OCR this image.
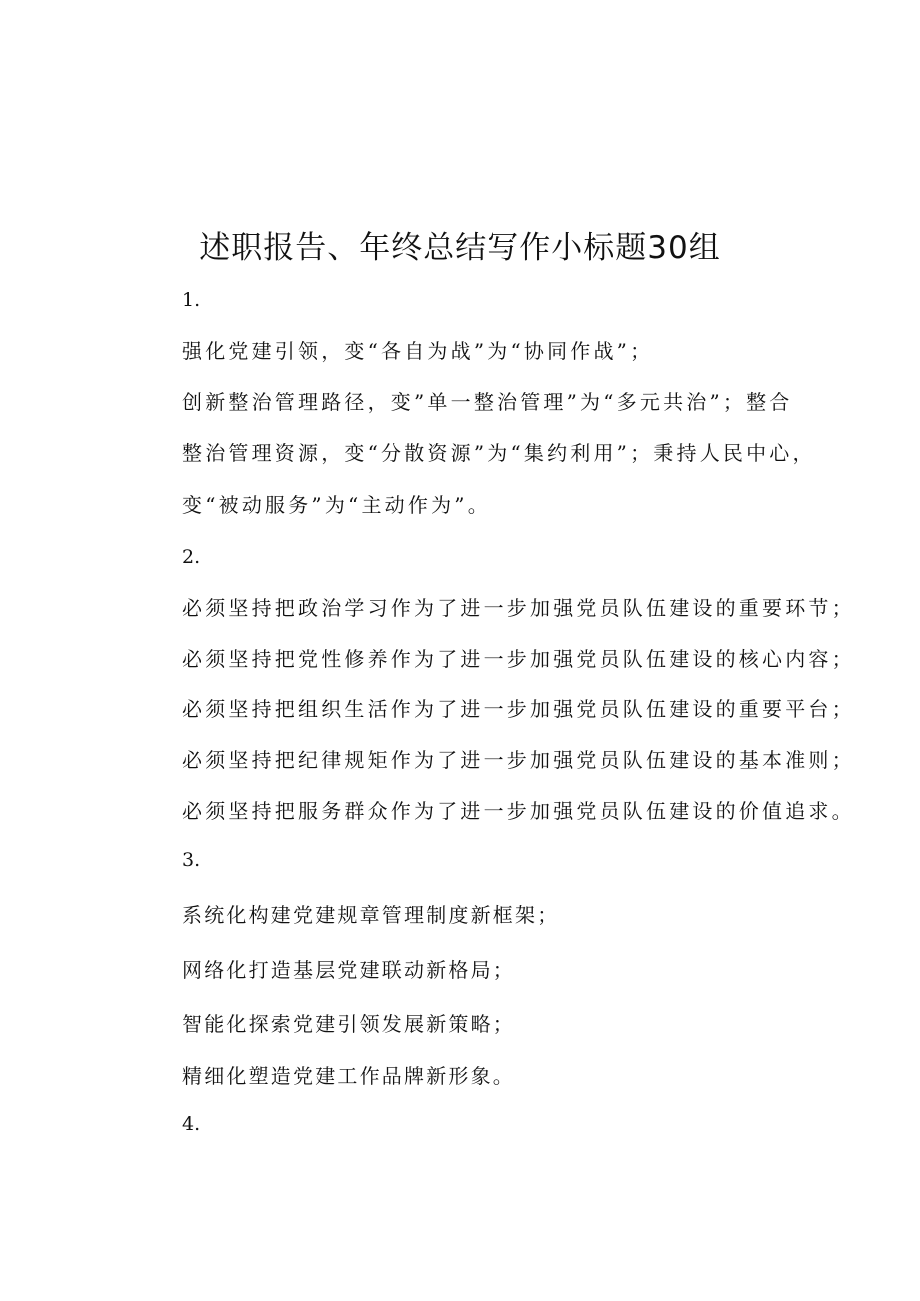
述职报告、年终总结写作小标题30组
1.
强化党建引领，变“各自为战”为“协同作战”；
创新整治管理路径，变”单一整治管理”为“多元共治”；整合
整治管理资源，变“分散资源”为“集约利用”；秉持人民中心，
变“被动服务”为“主动作为”。
2.
必须坚持把政治学习作为了进一步加强党员队伍建设的重要环节；
必须坚持把党性修养作为了进一步加强党员队伍建设的核心内容；
必须坚持把组织生活作为了进一步加强党员队伍建设的重要平台；
必须坚持把纪律规矩作为了进一步加强党员队伍建设的基本准则；
必须坚持把服务群众作为了进一步加强党员队伍建设的价值追求。
3.
系统化构建党建规章管理制度新框架；
网络化打造基层党建联动新格局；
智能化探索党建引领发展新策略；
精细化塑造党建工作品牌新形象。
4.
